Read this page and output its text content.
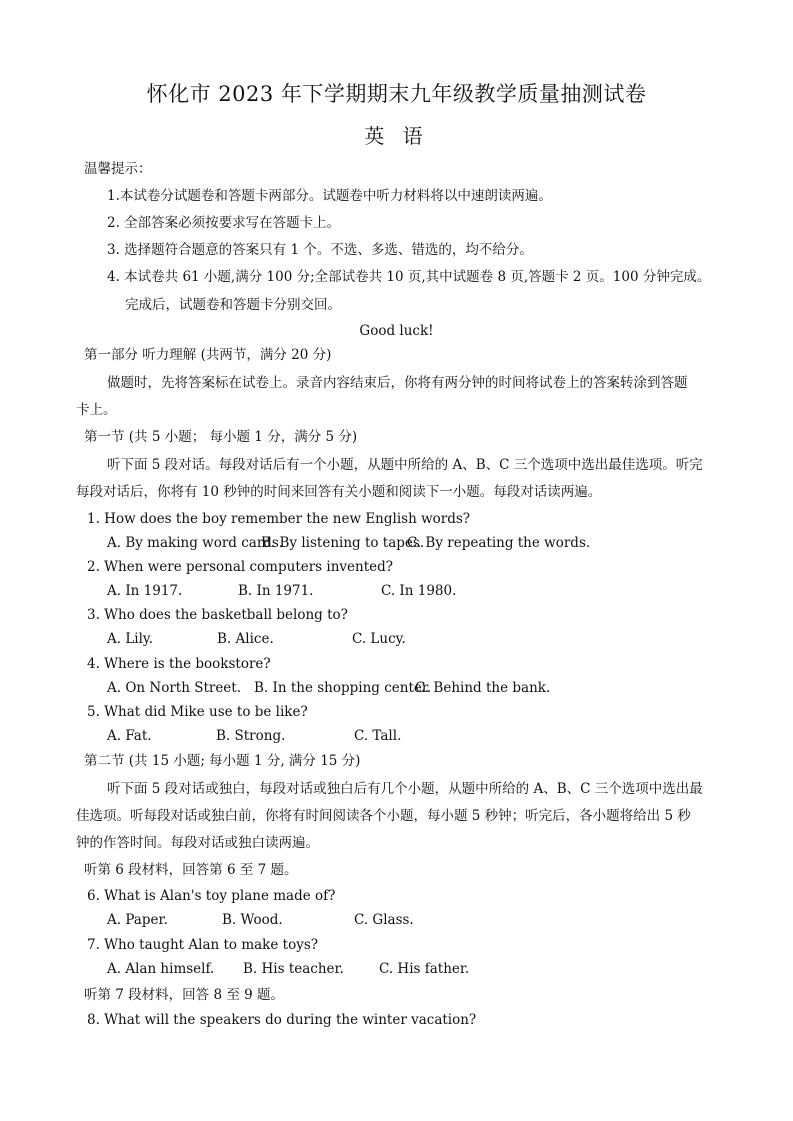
怀化市 2023 年下学期期末九年级教学质量抽测试卷
英 语
温馨提示：
1.本试卷分试题卷和答题卡两部分。试题卷中听力材料将以中速朗读两遍。
2. 全部答案必须按要求写在答题卡上。
3. 选择题符合题意的答案只有 1 个。不选、多选、错选的，均不给分。
4. 本试卷共 61 小题,满分 100 分;全部试卷共 10 页,其中试题卷 8 页,答题卡 2 页。100 分钟完成。
完成后，试题卷和答题卡分别交回。
Good luck!
第一部分 听力理解 (共两节，满分 20 分)
做题时，先将答案标在试卷上。录音内容结束后，你将有两分钟的时间将试卷上的答案转涂到答题
卡上。
第一节 (共 5 小题； 每小题 1 分，满分 5 分)
听下面 5 段对话。每段对话后有一个小题，从题中所给的 A、B、C 三个选项中选出最佳选项。听完
每段对话后，你将有 10 秒钟的时间来回答有关小题和阅读下一小题。每段对话读两遍。
1. How does the boy remember the new English words?
A. By making word cards.
B. By listening to tapes.
C. By repeating the words.
2. When were personal computers invented?
A. In 1917.	B. In 1971.	C. In 1980.
3. Who does the basketball belong to?
A. Lily.	B. Alice.	C. Lucy.
4. Where is the bookstore?
A. On North Street. B. In the shopping center.
C. Behind the bank.
5. What did Mike use to be like?
A. Fat.	B. Strong.	C. Tall.
第二节 (共 15 小题; 每小题 1 分, 满分 15 分)
听下面 5 段对话或独白，每段对话或独白后有几个小题，从题中所给的 A、B、C 三个选项中选出最
佳选项。听每段对话或独白前，你将有时间阅读各个小题，每小题 5 秒钟；听完后，各小题将给出 5 秒
钟的作答时间。每段对话或独白读两遍。
听第 6 段材料，回答第 6 至 7 题。
6. What is Alan's toy plane made of?
A. Paper.	B. Wood.	C. Glass.
7. Who taught Alan to make toys?
A. Alan himself. B. His teacher.	C. His father.
听第 7 段材料，回答 8 至 9 题。
8. What will the speakers do during the winter vacation?
